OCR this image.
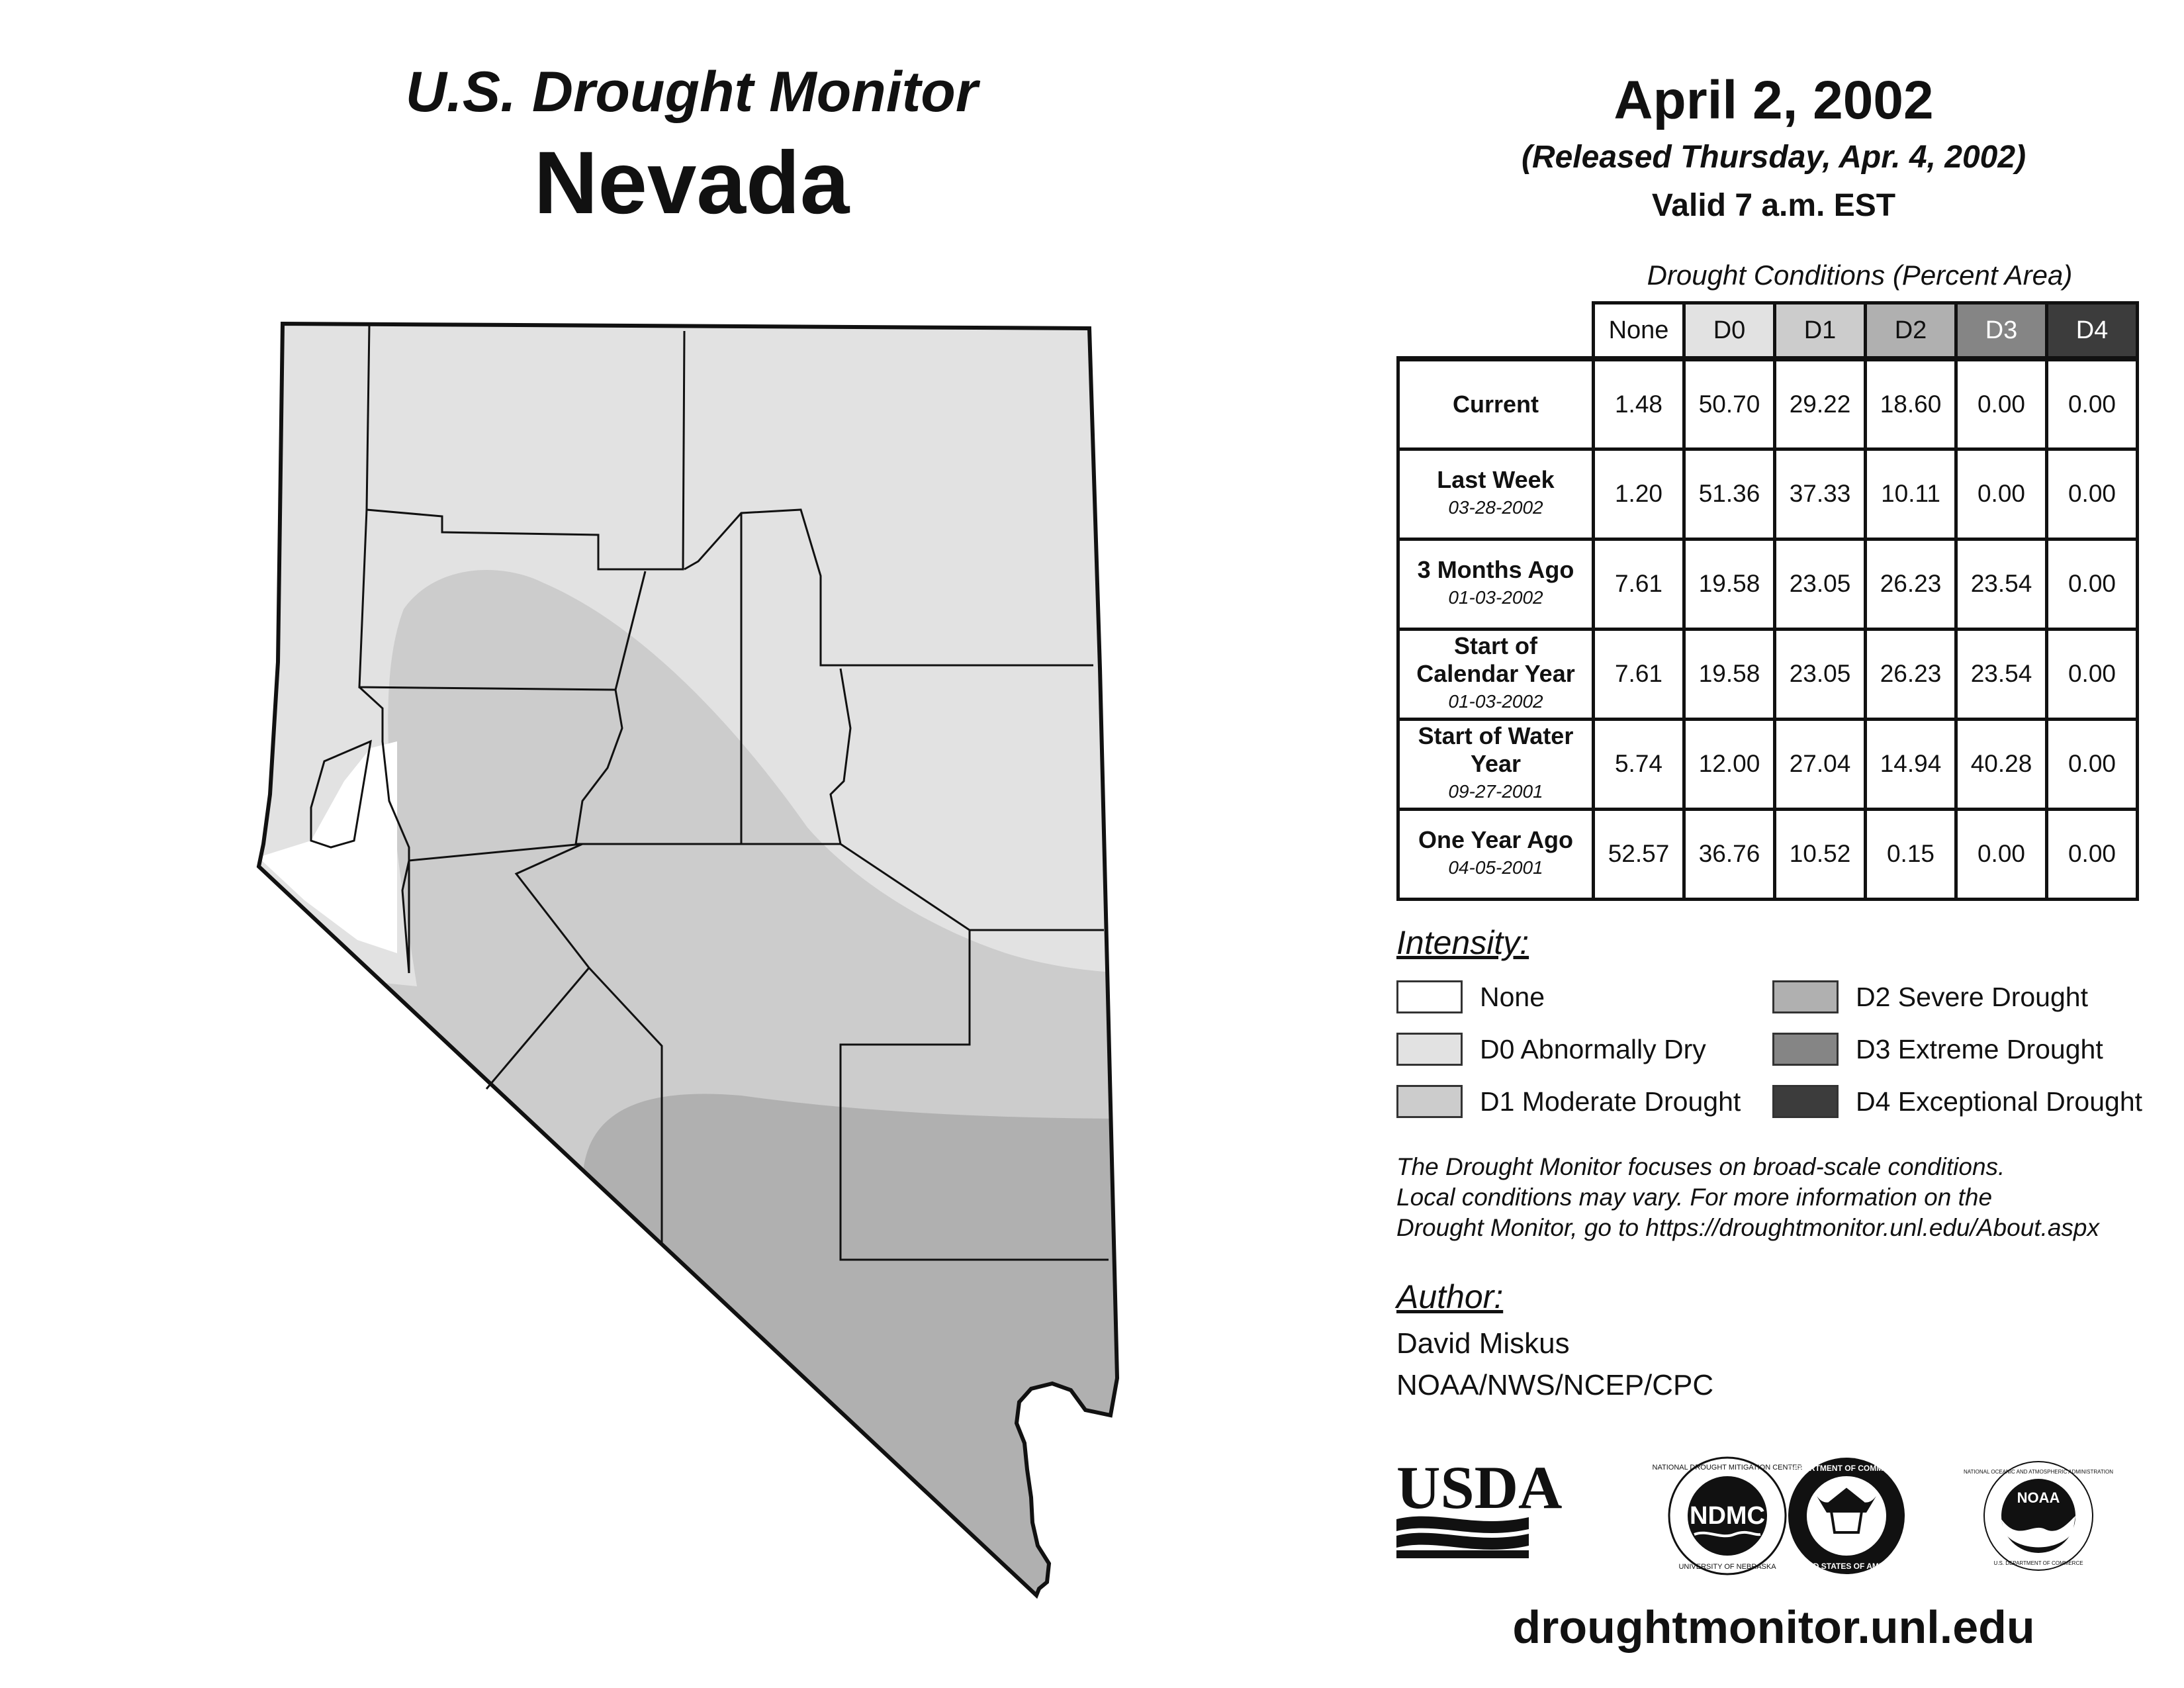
U.S. Drought Monitor
Nevada
April 2, 2002
(Released Thursday, Apr. 4, 2002)
Valid 7 a.m. EST
Drought Conditions (Percent Area)
	None	D0	D1	D2	D3	D4

Current	1.48	50.70	29.22	18.60	0.00	0.00

Last Week
03-28-2002	1.20	51.36	37.33	10.11	0.00	0.00

3 Months Ago
01-03-2002	7.61	19.58	23.05	26.23	23.54	0.00

Start of Calendar Year
01-03-2002	7.61	19.58	23.05	26.23	23.54	0.00

Start of Water Year
09-27-2001	5.74	12.00	27.04	14.94	40.28	0.00

One Year Ago
04-05-2001	52.57	36.76	10.52	0.15	0.00	0.00
Intensity:
None
D0 Abnormally Dry
D1 Moderate Drought
D2 Severe Drought
D3 Extreme Drought
D4 Exceptional Drought
The Drought Monitor focuses on broad-scale conditions.
Local conditions may vary. For more information on the
Drought Monitor, go to https://droughtmonitor.unl.edu/About.aspx
Author:
David Miskus
NOAA/NWS/NCEP/CPC
USDA	NDMC
NATIONAL DROUGHT MITIGATION CENTER
UNIVERSITY OF NEBRASKA
DEPARTMENT OF COMMERCE
UNITED STATES OF AMERICA
NOAA
NATIONAL OCEANIC AND ATMOSPHERIC ADMINISTRATION
U.S. DEPARTMENT OF COMMERCE
droughtmonitor.unl.edu
